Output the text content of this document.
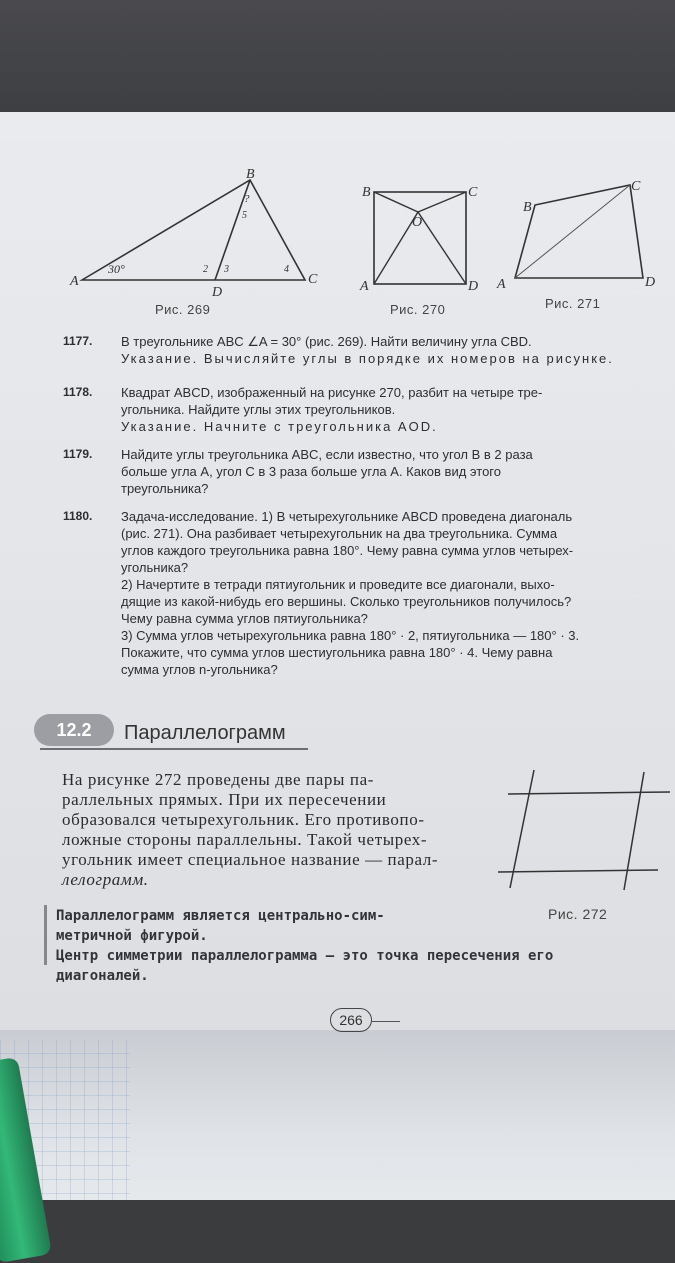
A
B
C
D
30°	2 3	4
5
?
Рис. 269
B	C
A	D
O
Рис. 270
A
B
C
D
Рис. 271
1177. В треугольнике ABC ∠A = 30° (рис. 269). Найти величину угла CBD.
Указание. Вычисляйте углы в порядке их номеров на рисунке.
1178. Квадрат ABCD, изображенный на рисунке 270, разбит на четыре тре-
угольника. Найдите углы этих треугольников.
Указание. Начните с треугольника AOD.
1179. Найдите углы треугольника ABC, если известно, что угол B в 2 раза
больше угла A, угол C в 3 раза больше угла A. Каков вид этого
треугольника?
1180. Задача-исследование. 1) В четырехугольнике ABCD проведена диагональ
(рис. 271). Она разбивает четырехугольник на два треугольника. Сумма
углов каждого треугольника равна 180°. Чему равна сумма углов четырех-
угольника?
2) Начертите в тетради пятиугольник и проведите все диагонали, выхо-
дящие из какой-нибудь его вершины. Сколько треугольников получилось?
Чему равна сумма углов пятиугольника?
3) Сумма углов четырехугольника равна 180° · 2, пятиугольника — 180° · 3.
Покажите, что сумма углов шестиугольника равна 180° · 4. Чему равна
сумма углов n-угольника?
12.2	Параллелограмм
На рисунке 272 проведены две пары па-
раллельных прямых. При их пересечении
образовался четырехугольник. Его противопо-
ложные стороны параллельны. Такой четырех-
угольник имеет специальное название — парал-
лелограмм.
Рис. 272
Параллелограмм является центрально-сим-
метричной фигурой.
Центр симметрии параллелограмма — это точка пересечения его
диагоналей.
266
